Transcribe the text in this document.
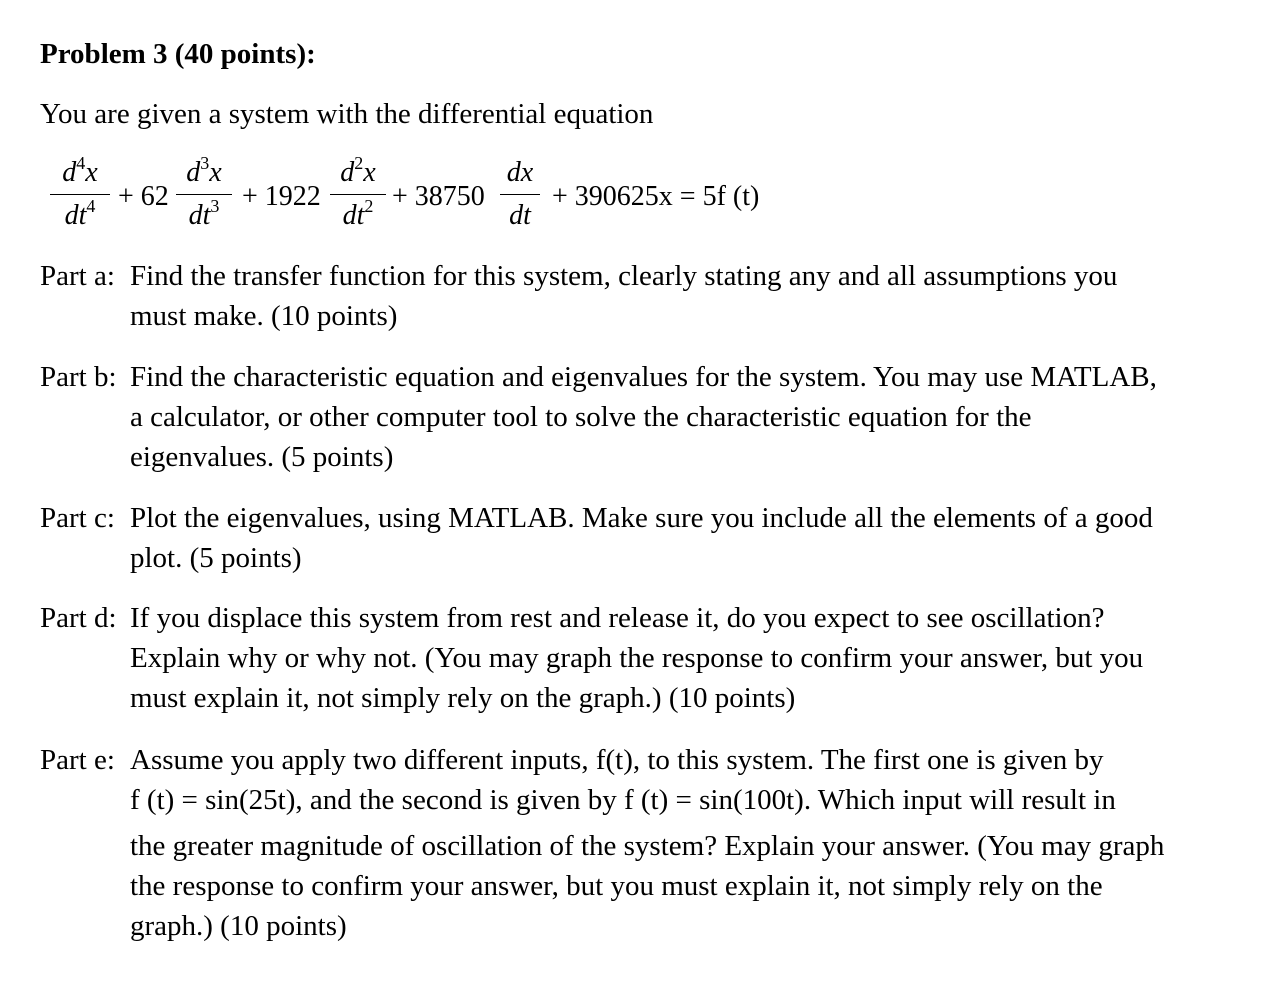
Problem 3 (40 points):
You are given a system with the differential equation
$d^4x$
$dt^4 + 62$
$d^3x$
$dt^3 + 1922$
$d^2x$
$dt^2 + 38750$
dx
dt
+ 390625x = 5f (t)
Part a: Find the transfer function for this system, clearly stating any and all assumptions you
must make. (10 points)
Part b: Find the characteristic equation and eigenvalues for the system. You may use MATLAB,
a calculator, or other computer tool to solve the characteristic equation for the
eigenvalues. (5 points)
Part c: Plot the eigenvalues, using MATLAB. Make sure you include all the elements of a good
plot. (5 points)
Part d: If you displace this system from rest and release it, do you expect to see oscillation?
Explain why or why not. (You may graph the response to confirm your answer, but you
must explain it, not simply rely on the graph.) (10 points)
Part e: Assume you apply two different inputs, f(t), to this system. The first one is given by
f (t) = sin(25t), and the second is given by f (t) = sin(100t). Which input will result in
the greater magnitude of oscillation of the system? Explain your answer. (You may graph
the response to confirm your answer, but you must explain it, not simply rely on the
graph.) (10 points)
